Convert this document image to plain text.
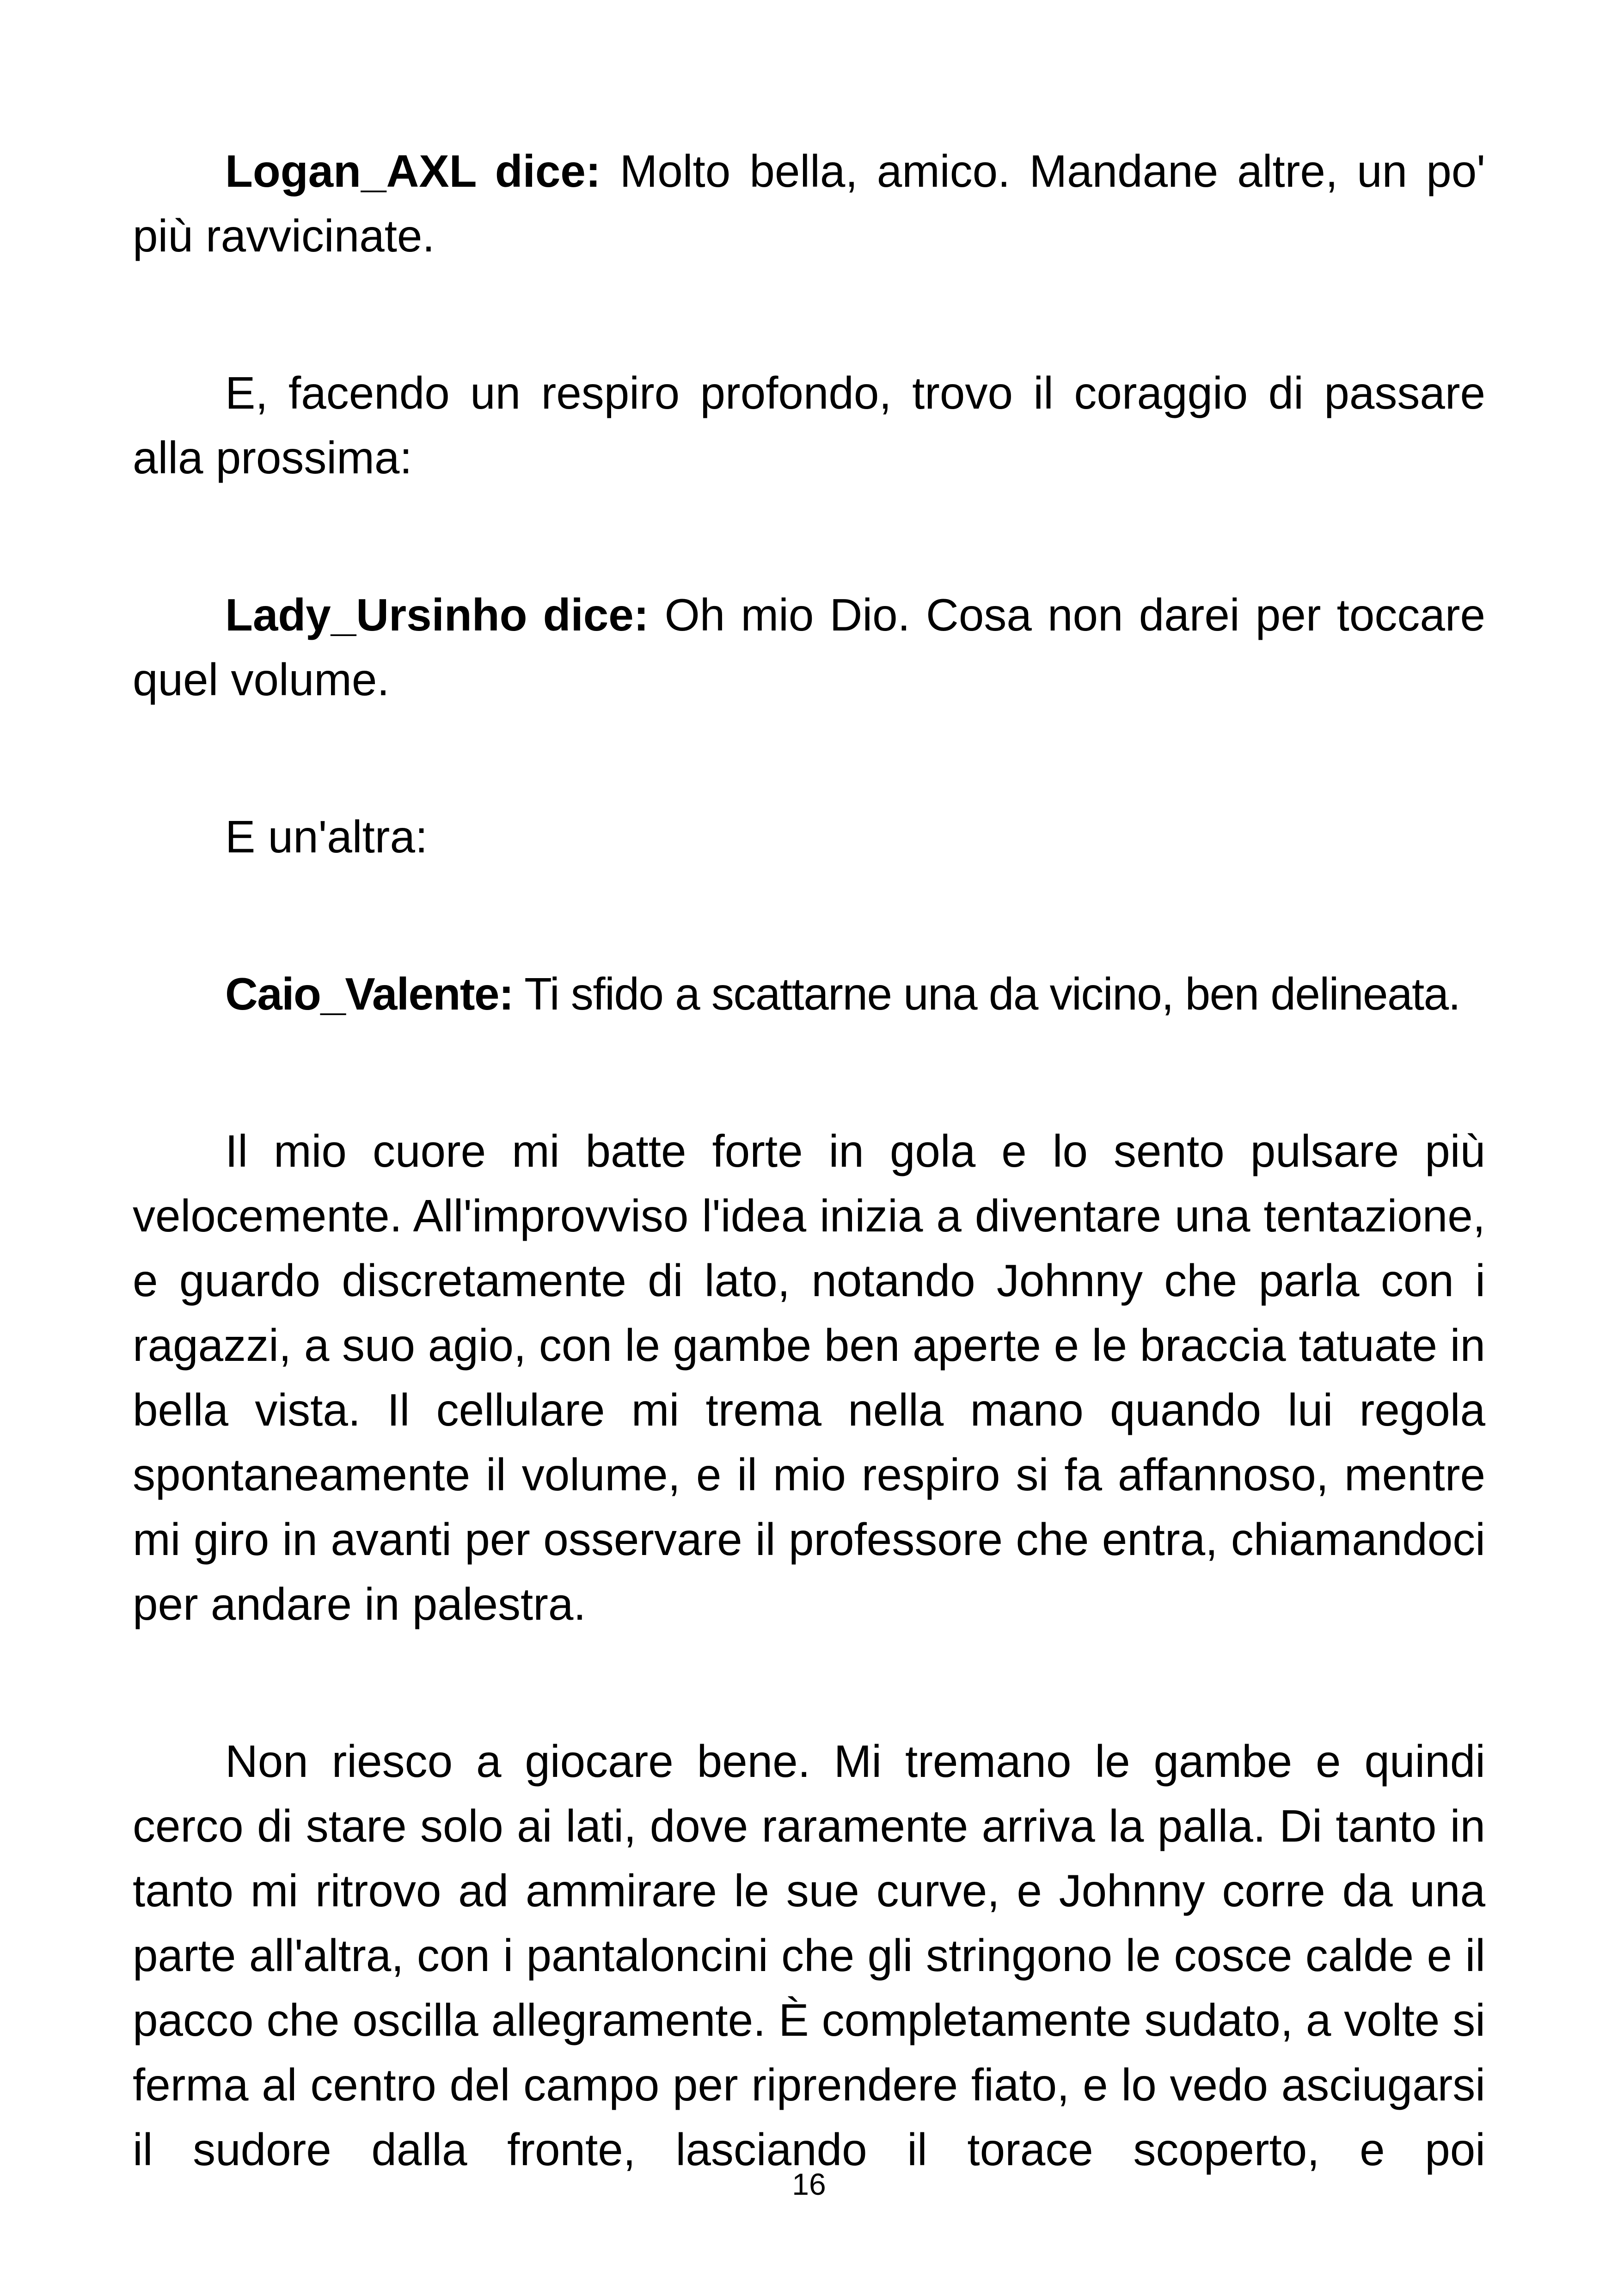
Logan_AXL dice: Molto bella, amico. Mandane altre, un po' più ravvicinate.

E, facendo un respiro profondo, trovo il coraggio di passare alla prossima:

Lady_Ursinho dice: Oh mio Dio. Cosa non darei per toccare quel volume.

E un'altra:

Caio_Valente: Ti sfido a scattarne una da vicino, ben delineata.

Il mio cuore mi batte forte in gola e lo sento pulsare più velocemente. All'improvviso l'idea inizia a diventare una tentazione, e guardo discretamente di lato, notando Johnny che parla con i ragazzi, a suo agio, con le gambe ben aperte e le braccia tatuate in bella vista. Il cellulare mi trema nella mano quando lui regola spontaneamente il volume, e il mio respiro si fa affannoso, mentre mi giro in avanti per osservare il professore che entra, chiamandoci per andare in palestra.

Non riesco a giocare bene. Mi tremano le gambe e quindi cerco di stare solo ai lati, dove raramente arriva la palla. Di tanto in tanto mi ritrovo ad ammirare le sue curve, e Johnny corre da una parte all'altra, con i pantaloncini che gli stringono le cosce calde e il pacco che oscilla allegramente. È completamente sudato, a volte si ferma al centro del campo per riprendere fiato, e lo vedo asciugarsi il sudore dalla fronte, lasciando il torace scoperto, e poi

16
